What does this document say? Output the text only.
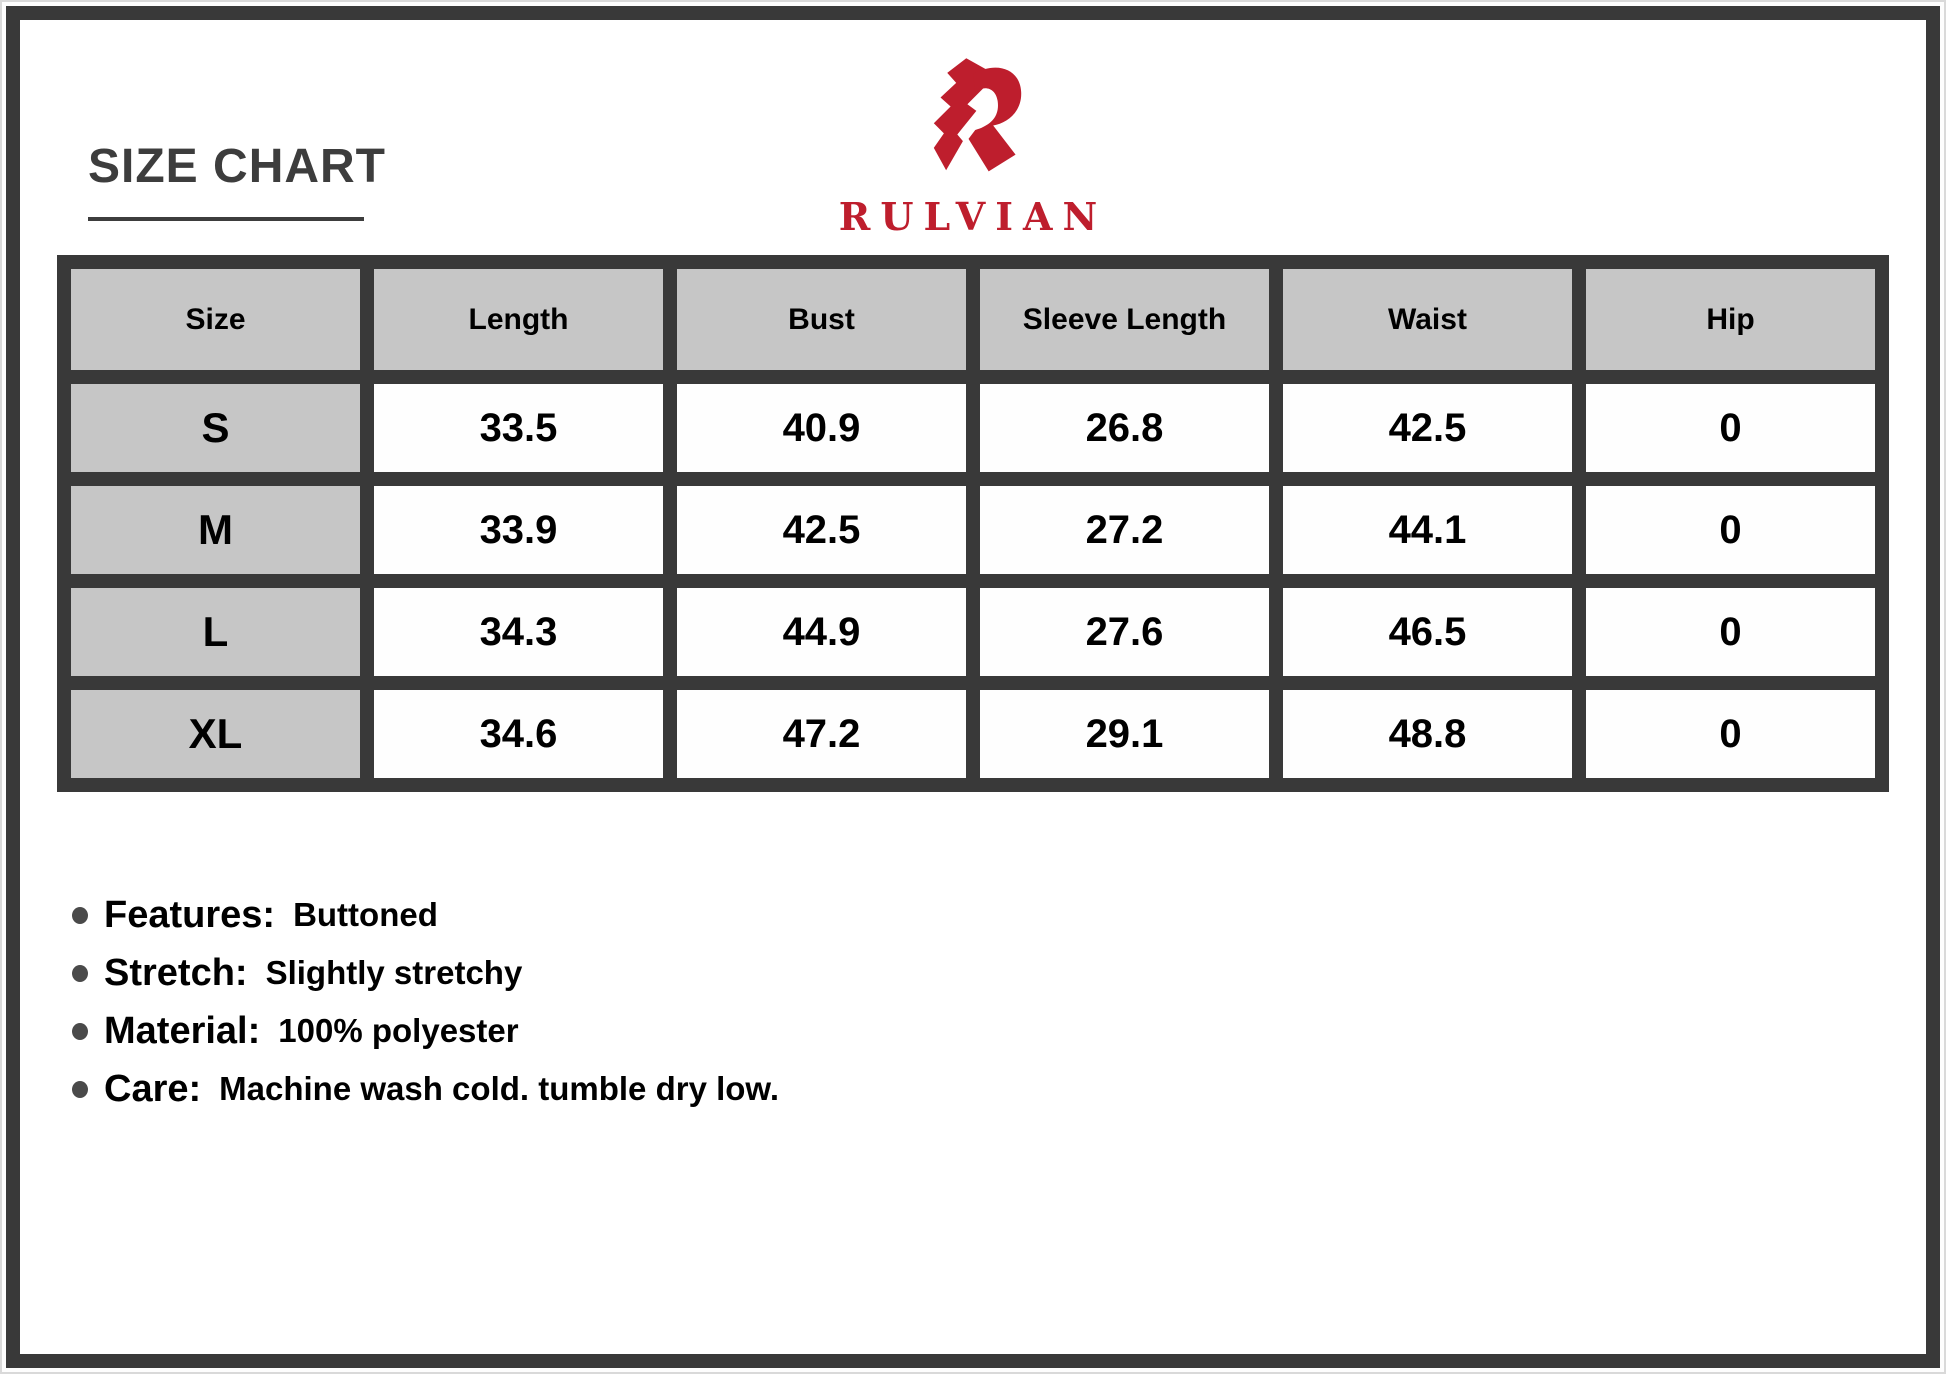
SIZE CHART
RULVIAN
Size	Length	Bust	Sleeve Length	Waist	Hip
S	33.5	40.9	26.8	42.5	0
M	33.9	42.5	27.2	44.1	0
L	34.3	44.9	27.6	46.5	0
XL	34.6	47.2	29.1	48.8	0
Features: Buttoned
Stretch: Slightly stretchy
Material: 100% polyester
Care: Machine wash cold. tumble dry low.
